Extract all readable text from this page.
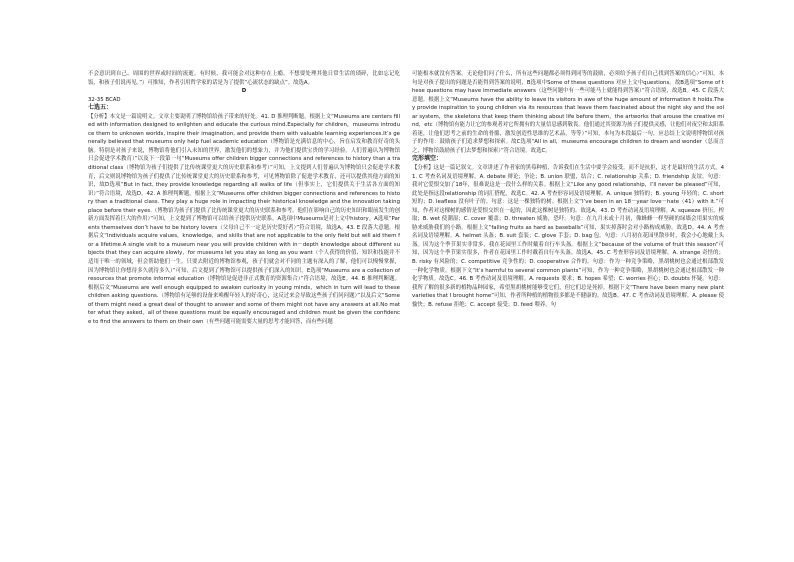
不会意识到自己、周围的世界或时间的流逝。有时候，我可能会对这种存在上瘾，不想要处理其他日常生活的琐碎，比如忘记吃饭，和孩子们说再见。”）可推知，作者引用哲学家的话是为了提供“心流状态的缺点”。故选A。

D

32-35 BCAD

七选五：

【分析】本文是一篇说明文。文章主要说明了博物馆给孩子带来的好处。41. D 推理判断题。根据上文“Museums are centers filled with information designed to enlighten and educate the curious mind.Especially for children，museums introduce them to unknown worlds, inspire their imagination, and provide them with valuable learning experiences.It’s generally believed that museums only help fuel academic education（博物馆是充满信息的中心，旨在启发和教育好奇的头脑。特别是对孩子来说，博物馆将他们引入未知的世界，激发他们的想象力，并为他们提供宝贵的学习经验。人们普遍认为博物馆只会促进学术教育）”以及下一段第一句“Museums offer children bigger connections and references to history than a traditional class（博物馆为孩子们提供了比传统课堂更大的历史联系和参考）”可知，上文提到人们普遍认为博物馆只会促进学术教育，后文则说博物馆为孩子们提供了比传统课堂更大的历史联系和参考，可见博物馆除了促进学术教育，还可以提供其他方面的知识，故D选项“But in fact, they provide knowledge regarding all walks of life（但事实上，它们提供关于生活各方面的知识）”符合语境，故选D。42. A 推理判断题。根据上文“Museums offer children bigger connections and references to history than a traditional class. They play a huge role in impacting their historical knowledge and the innovation taking place before their eyes.（博物馆为孩子们提供了比传统课堂更大的历史联系和参考。他们在影响自己的历史知识和眼前发生的创新方面发挥着巨大的作用）”可知，上文提到了博物馆可以给孩子提供历史联系。A选项中Museums是对上文中history。A选项“Parents themselves don’t have to be history lovers（父母自己不一定是历史爱好者）”符合语境，故选A。43. E 段落大意题。根据后文“Individuals acquire values，knowledge，and skills that are not applicable to the only field but will aid them for a lifetime.A single visit to a museum near you will provide children with in－depth knowledge about different subjects that they can acquire slowly，for museums let you stay as long as you want（个人获得的价值、知识和技能并不适用于唯一的领域，但会帮助他们一生。只要去附近的博物馆参观，孩子们就会对不同的主题有深入的了解，他们可以慢慢掌握，因为博物馆让你想待多久就待多久）”可知，后文提到了博物馆可以提供孩子们深入的知识。E选项“Museums are a collection of resources that promote informal education（博物馆是促进非正式教育的资源集合）”符合语境，故选E。44. B 推理判断题。根据后文“Museums are well enough equipped to awaken curiosity in young minds，which in turn will lead to these children asking questions.（博物馆有足够的设备来唤醒年轻人的好奇心，这反过来会导致这些孩子们问问题）”以及后文“Some of them might need a great deal of thought to answer and some of them might not have any answers at all.No matter what they asked，all of these questions must be equally encouraged and children must be given the confidence to find the answers to them on their own（有些问题可能需要大量的思考才能回答，而有些问题

可能根本就没有答案。无论他们问了什么，所有这些问题都必须得到同等的鼓励，必须给予孩子们自己找到答案的信心）”可知，本句是对孩子提出的问题是否能得到答案的说明，B选项中Some of these questions 对应上文中questions。故B选项“Some of these questions may have immediate answers（这些问题中有一些可能马上就能得到答案）”符合语境，故选B。45. C 段落大意题。根据上文“Museums have the ability to leave its visitors in awe of the huge amount of information it holds.They provide inspiration to young children via its resources that leave them fascinated about the night sky and the solar system，the skeletons that keep them thinking about life before them，the artworks that arouse the creative mind，etc（博物馆有能力让它的参观者对它所拥有的大量信息感到敬畏。他们通过其资源为孩子们提供灵感，让他们对夜空和太阳系着迷，让他们思考之前的生命的骨骼，激发创造性思维的艺术品，等等）”可知，本句为本段最后一句，应总结上文说明博物馆对孩子的作用：鼓励孩子们追求梦想和探索。故C选项“All in all，museums encourage children to dream and wonder（总而言之，博物馆鼓励孩子们去梦想和探索）”符合语境。故选C。

完形填空：

【分析】这是一篇记叙文。文章讲述了作者家的黑莓种植，告诉我们在生活中要学会接受，而不是抗拒，这才是最好的生活方式。41. C 考查名词及语境理解。A. debate 辩论；争论；B. union 联盟，结合；C. relationship 关系；D. friendship 友谊。句意：我对它爱恨交加了18年，很难说这是一段什么样的关系。根据上文“Like any good relationship，I’ll never be pleased”可知，此处是指这段relationship 的词汇搭配，故选C。42. A 考查形容词及语境理解。A. unique 独特的；B. young 年轻的；C. short 短的；D. leafless 没有叶子的。句意：这是一棵独特的树。根据上文“I’ve been in an 18－year love－hate（41）with it.”可知，作者对这棵树的感情是爱恨交织在一起的，因此这棵树是独特的。故选A。43. D 考查动词及语境理解。A. squeeze 挤压，榨取；B. wet 使潮湿；C. cover 覆盖；D. threaten 威胁，恐吓。句意：在九月末或十月初，像蜂蜂一样坚硬的绿墙会用果实的威胁来威胁我们的小路。根据上文“falling fruits as hard as baseballs”可知，果实掉落时会对小路构成威胁。故选D。44. A 考查名词及语境理解。A. helmet 头盔；B. suit 套装；C. glove 手套；D. bag 包。句意：八月初在花园里散步时，我会小心地戴上头盔。因为这个季节果实非常多，我在花园里工作时戴着自行车头盔。根据上文“because of the volume of fruit this season”可知，因为这个季节果实很多，作者在花园里工作时戴着自行车头盔。故选A。45. C 考查形容词及语境理解。A. strange 奇怪的；B. risky 有风险的；C. competitive 竞争性的；D. cooperative 合作的。句意：作为一种竞争策略，黑胡桃树也会通过根部散发一种化学物质。根据下文“It’s harmful to several common plants”可知，作为一种竞争策略，黑胡桃树也会通过根部散发一种化学物质。故选C。46. B 考查动词及语境理解。A. requests 要求；B. hopes 希望；C. worries 担心；D. doubts 怀疑。句意：我所了解的很多新的植物品种园家，希望黑胡桃树能够受它们，但它们总是死掉。根据下文“There have been many new plant varieties that I brought home”可知，作者所种植的植物很多都是不健康的。故选B。47. C 考查动词及语境理解。A. please 使愉快；B. refuse 拒绝；C. accept 接受；D. feed 喂养。句
